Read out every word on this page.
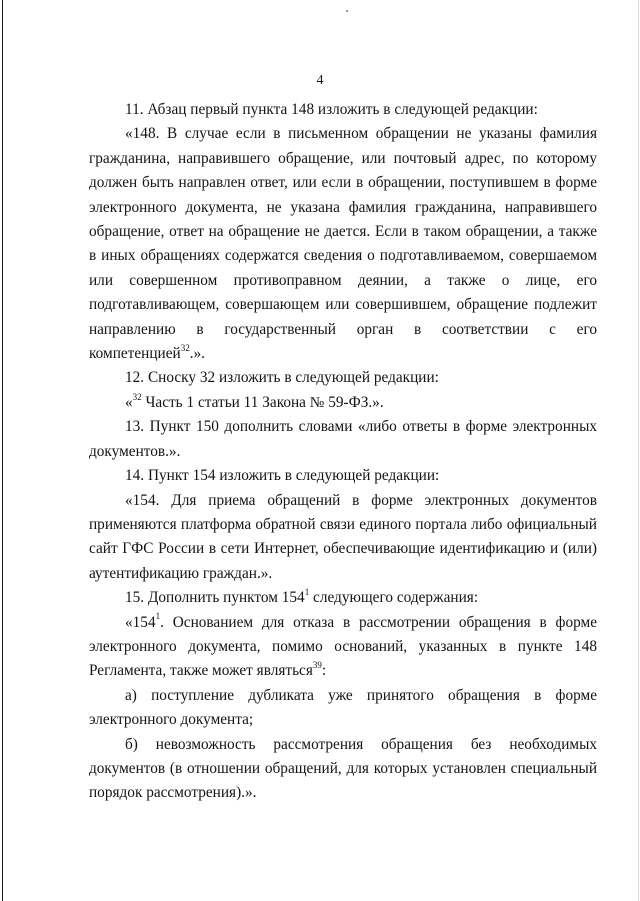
4

11. Абзац первый пункта 148 изложить в следующей редакции:

«148. В случае если в письменном обращении не указаны фамилия гражданина, направившего обращение, или почтовый адрес, по которому должен быть направлен ответ, или если в обращении, поступившем в форме электронного документа, не указана фамилия гражданина, направившего обращение, ответ на обращение не дается. Если в таком обращении, а также в иных обращениях содержатся сведения о подготавливаемом, совершаемом или совершенном противоправном деянии, а также о лице, его подготавливающем, совершающем или совершившем, обращение подлежит направлению в государственный орган в соответствии с его компетенцией$^{32}$.».

12. Сноску 32 изложить в следующей редакции:

«$^{32}$ Часть 1 статьи 11 Закона № 59-ФЗ.».

13. Пункт 150 дополнить словами «либо ответы в форме электронных документов.».

14. Пункт 154 изложить в следующей редакции:

«154. Для приема обращений в форме электронных документов применяются платформа обратной связи единого портала либо официальный сайт ГФС России в сети Интернет, обеспечивающие идентификацию и (или) аутентификацию граждан.».

15. Дополнить пунктом $154^1$ следующего содержания:

«$154^1$. Основанием для отказа в рассмотрении обращения в форме электронного документа, помимо оснований, указанных в пункте 148 Регламента, также может являться$^{39}$:

а) поступление дубликата уже принятого обращения в форме электронного документа;

б) невозможность рассмотрения обращения без необходимых документов (в отношении обращений, для которых установлен специальный порядок рассмотрения).».
